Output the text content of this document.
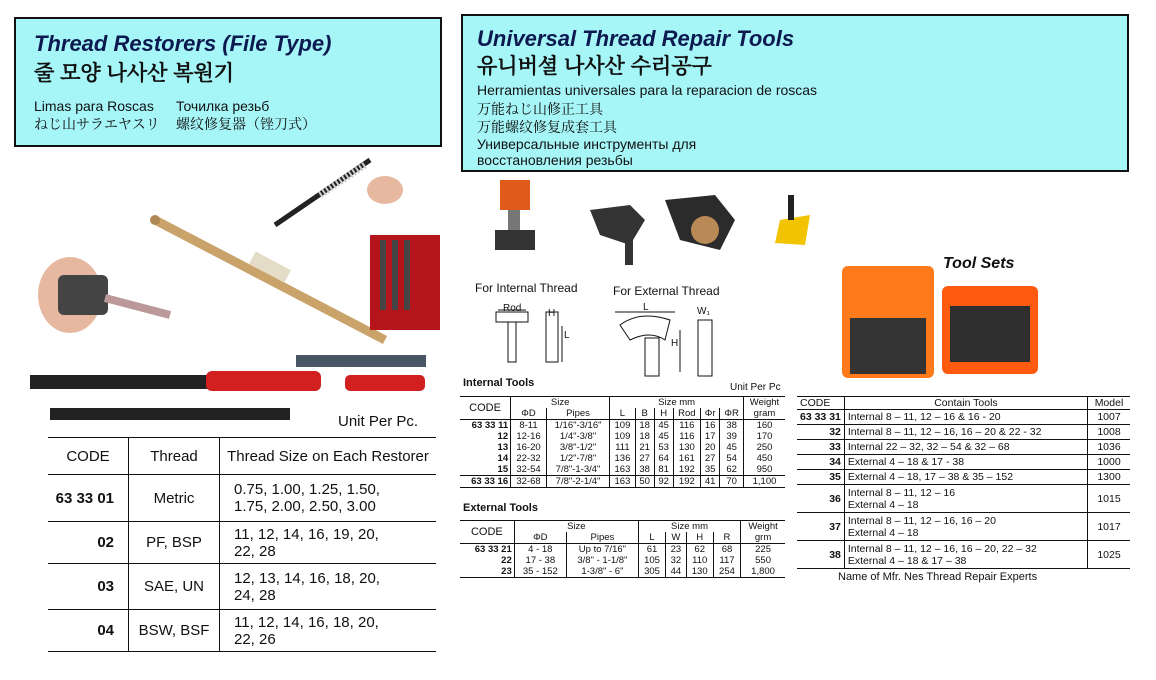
Thread Restorers (File Type)
줄 모양 나사산 복원기
Limas para Roscas Точилка резьб
ねじ山サラエヤスリ 螺纹修复器（锉刀式）
Universal Thread Repair Tools
유니버셜 나사산 수리공구
Herramientas universales para la reparacion de roscas
万能ねじ山修正工具
万能螺纹修复成套工具
Универсальные инструменты для
восстановления резьбы
Unit Per Pc.
CODE	Thread	Thread Size on Each Restorer
63 33 01	Metric	0.75, 1.00, 1.25, 1.50,
1.75, 2.00, 2.50, 3.00

02	PF, BSP	11, 12, 14, 16, 19, 20,
22, 28

03	SAE, UN	12, 13, 14, 16, 18, 20,
24, 28

04	BSW, BSF	11, 12, 14, 16, 18, 20,
22, 26
For Internal Thread	For External Thread
Rod	H
L
L	W₁
H
Tool Sets
Internal Tools	Unit Per Pc
CODE	Size		Size mm						Weight
	ΦD	Pipes	L	B	H	Rod	Φr	ΦR	gram
63 33 11	8-11	1/16"-3/16"	109	18	45	116	16	38	160
12	12-16	1/4"-3/8"	109	18	45	116	17	39	170
13	16-20	3/8"-1/2"	111	21	53	130	20	45	250
14	22-32	1/2"-7/8"	136	27	64	161	27	54	450
15	32-54	7/8"-1-3/4"	163	38	81	192	35	62	950
63 33 16	32-68	7/8"-2-1/4"	163	50	92	192	41	70	1,100
External Tools
CODE	Size		Size mm				Weight
	ΦD	Pipes	L	W	H	R	grm
63 33 21	4 - 18	Up to 7/16"	61	23	62	68	225
22	17 - 38	3/8" - 1-1/8"	105	32	110	117	550
23	35 - 152	1-3/8" - 6"	305	44	130	254	1,800
CODE	Contain Tools	Model
63 33 31	Internal 8 – 11, 12 – 16 & 16 - 20	1007
32	Internal 8 – 11, 12 – 16, 16 – 20 & 22 - 32	1008
33	Internal 22 – 32, 32 – 54 & 32 – 68	1036
34	External 4 – 18 & 17 - 38	1000
35	External 4 – 18, 17 – 38 & 35 – 152	1300
36	Internal 8 – 11, 12 – 16
External 4 – 18	1015
37	Internal 8 – 11, 12 – 16, 16 – 20
External 4 – 18	1017
38	Internal 8 – 11, 12 – 16, 16 – 20, 22 – 32
External 4 – 18 & 17 – 38	1025
Name of Mfr. Nes Thread Repair Experts
